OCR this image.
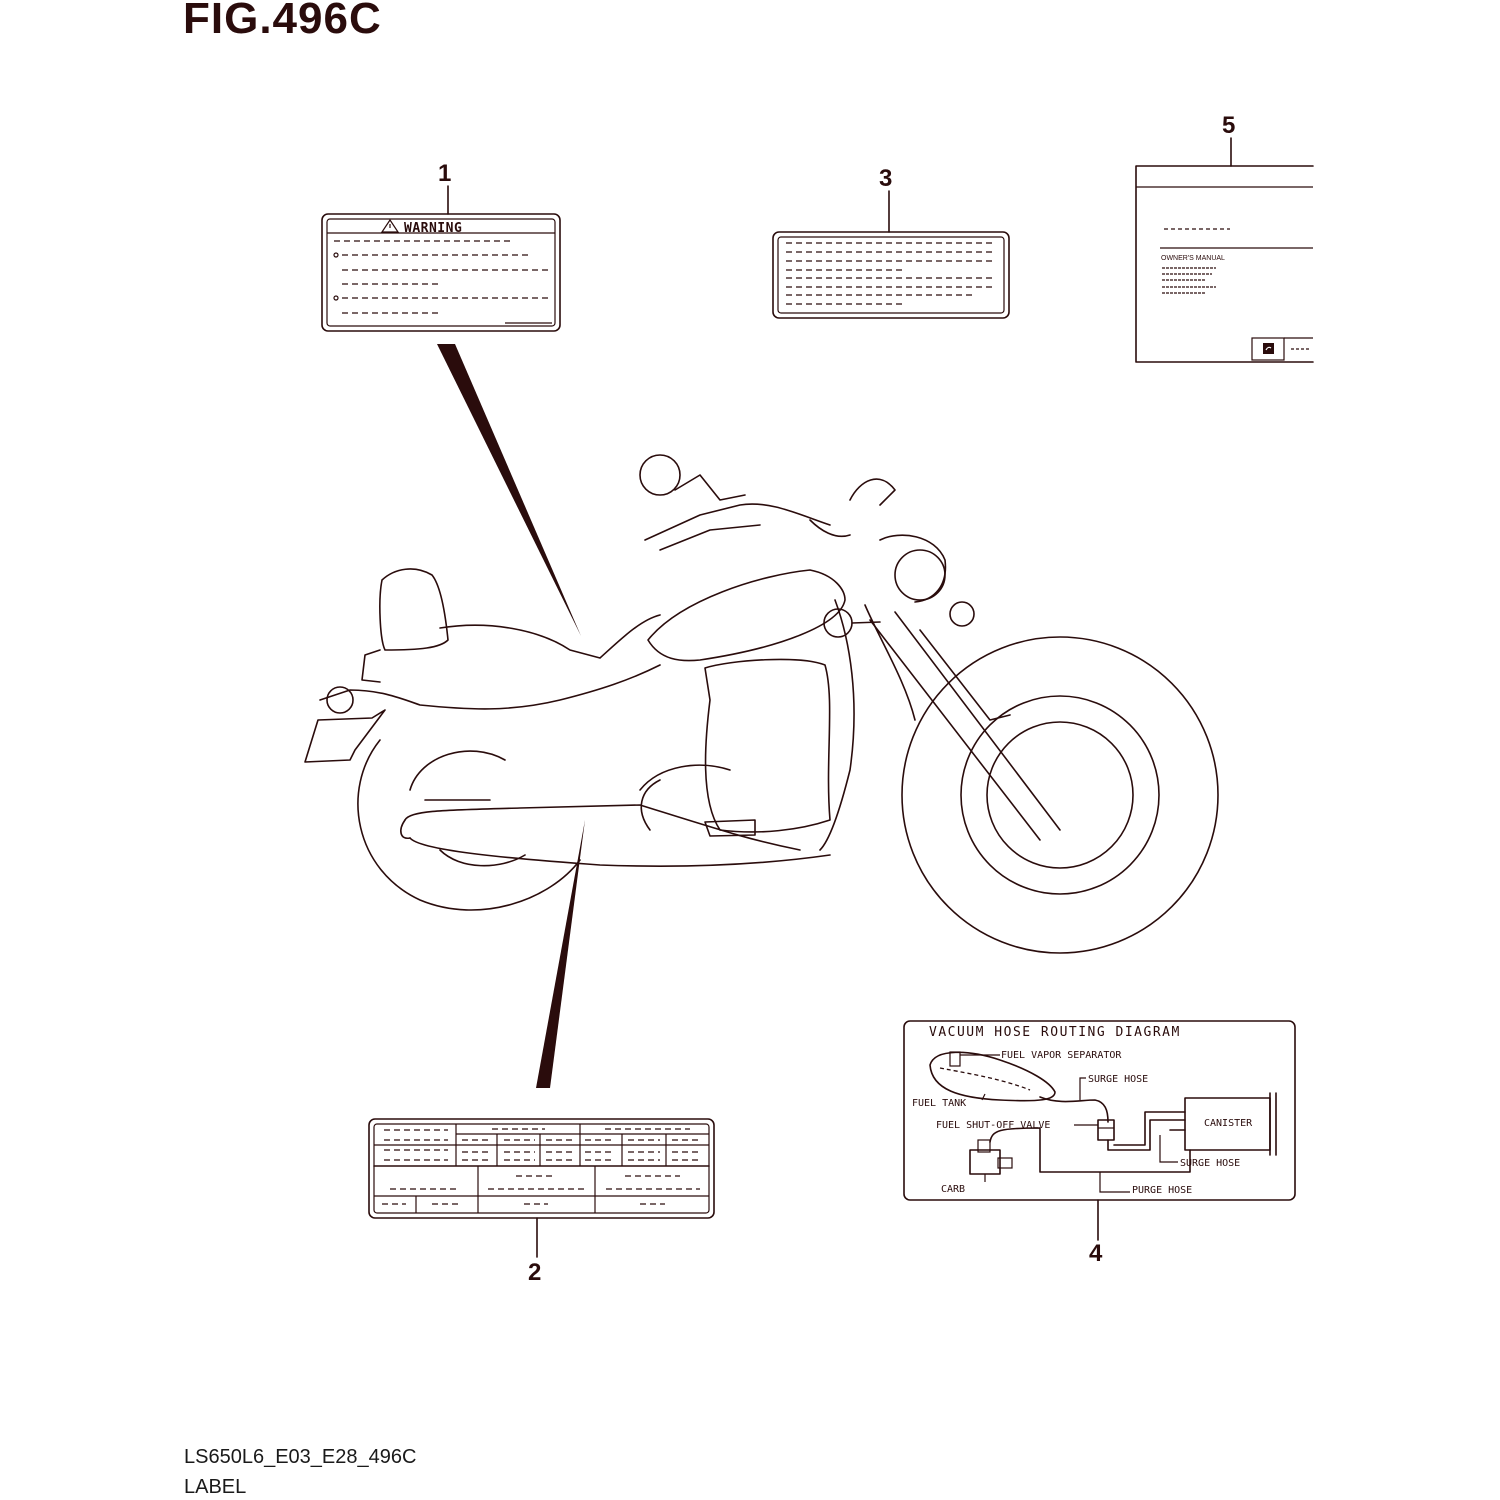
FIG.496C
WARNING
1	3
OWNER'S MANUAL
5
2
VACUUM HOSE ROUTING DIAGRAM
FUEL VAPOR SEPARATOR
SURGE HOSE
FUEL TANK
FUEL SHUT-OFF VALVE	CANISTER
SURGE HOSE
CARB	PURGE HOSE
4
LS650L6_E03_E28_496C
LABEL
